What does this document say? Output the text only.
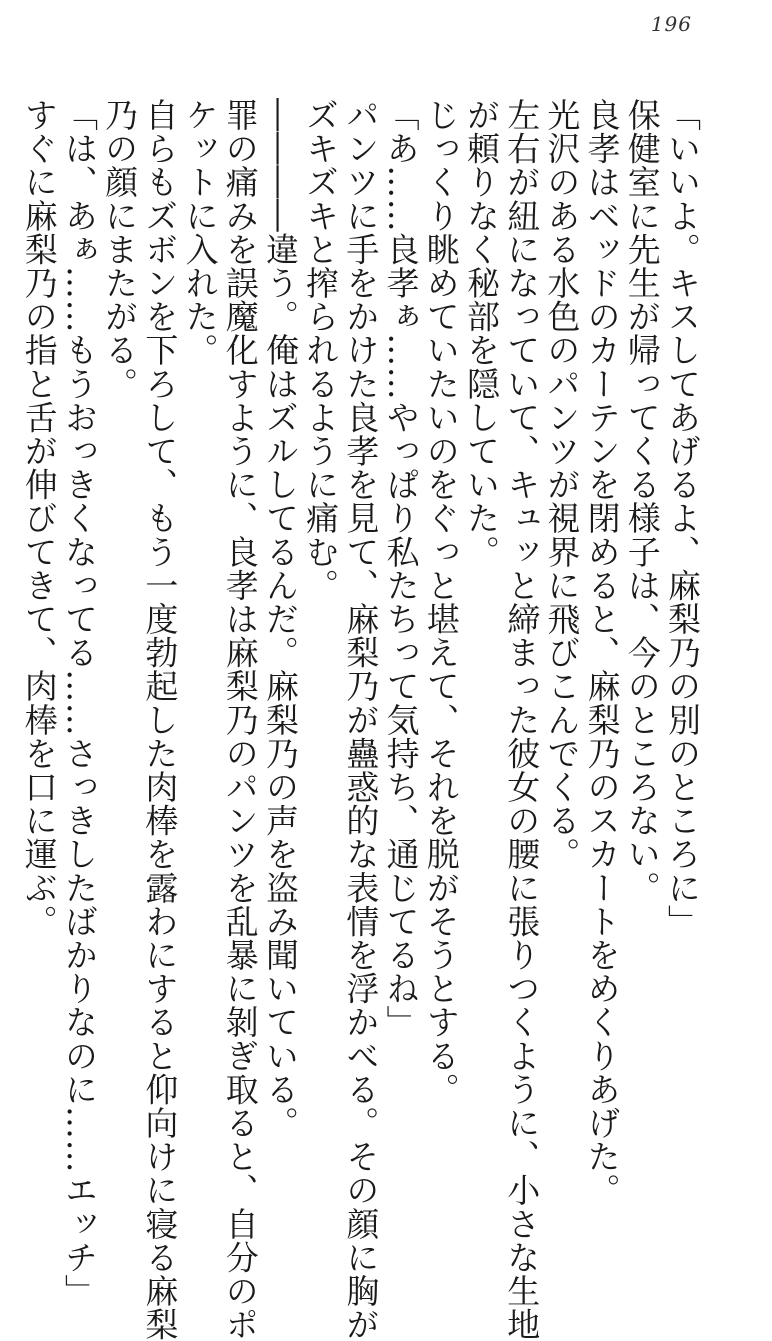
196
「いいよ。キスしてあげるよ、麻梨乃の別のところに」
保健室に先生が帰ってくる様子は、今のところない。
良孝はベッドのカーテンを閉めると、麻梨乃のスカートをめくりあげた。
光沢のある水色のパンツが視界に飛びこんでくる。
左右が紐になっていて、キュッと締まった彼女の腰に張りつくように、小さな生地
が頼りなく秘部を隠していた。
じっくり眺めていたいのをぐっと堪えて、それを脱がそうとする。
「あ……良孝ぁ……やっぱり私たちって気持ち、通じてるね」
パンツに手をかけた良孝を見て、麻梨乃が蠱惑的な表情を浮かべる。その顔に胸が
ズキズキと搾られるように痛む。
――――違う。俺はズルしてるんだ。麻梨乃の声を盗み聞いている。
罪の痛みを誤魔化すように、良孝は麻梨乃のパンツを乱暴に剝ぎ取ると、自分のポ
ケットに入れた。
自らもズボンを下ろして、もう一度勃起した肉棒を露わにすると仰向けに寝る麻梨
乃の顔にまたがる。
「は、あぁ……もうおっきくなってる……さっきしたばかりなのに……エッチ」
すぐに麻梨乃の指と舌が伸びてきて、肉棒を口に運ぶ。
